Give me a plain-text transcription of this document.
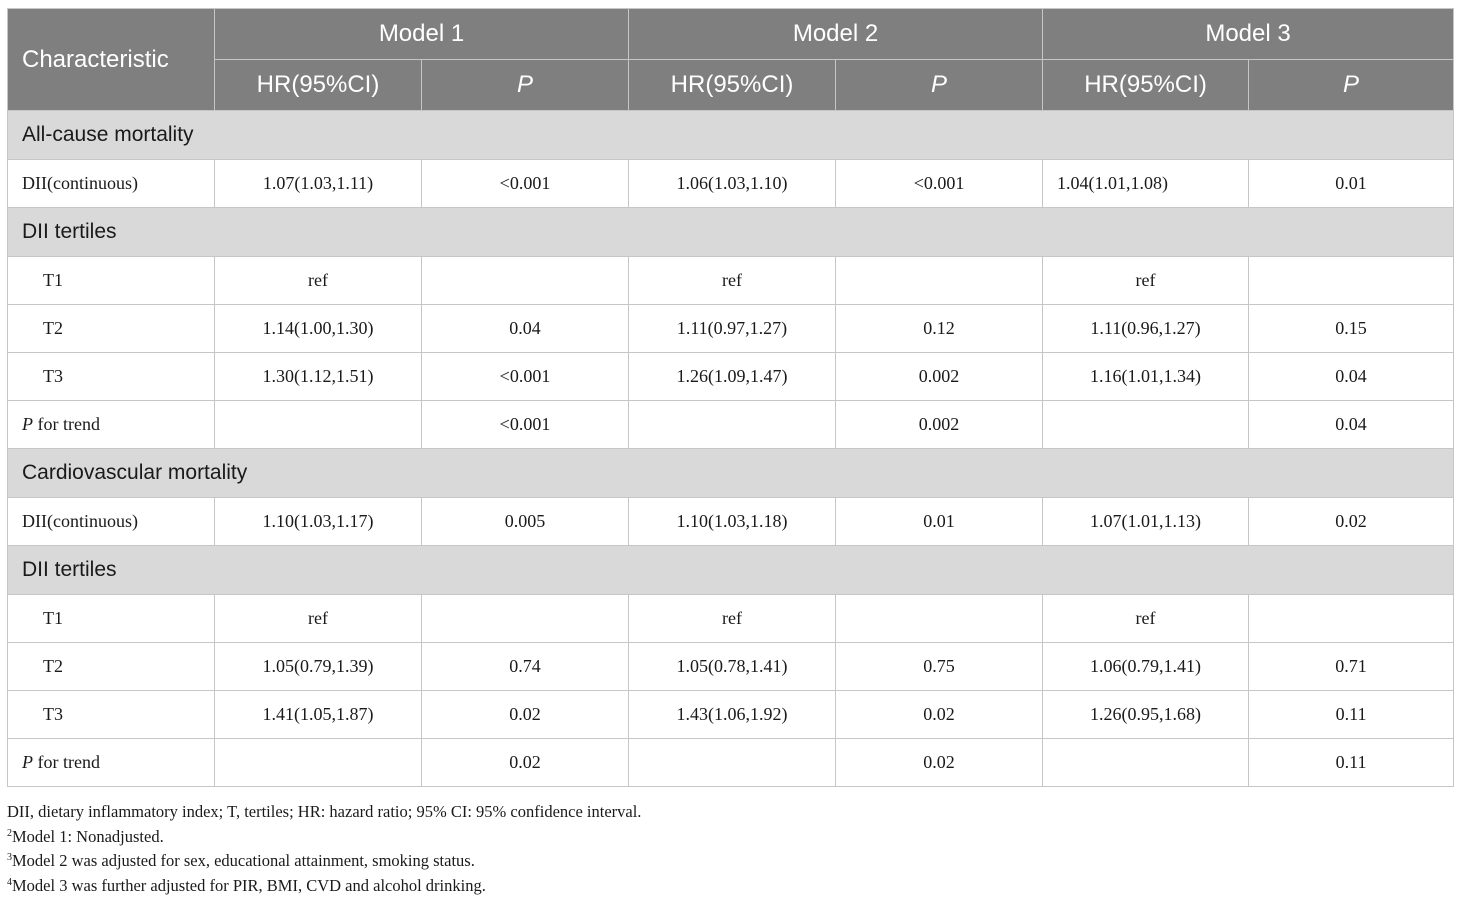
Characteristic	Model 1		Model 2		Model 3	
	HR(95%CI)	P	HR(95%CI)	P	HR(95%CI)	P
All-cause mortality						
DII(continuous)	1.07(1.03,1.11)	<0.001	1.06(1.03,1.10)	<0.001	1.04(1.01,1.08)	0.01
DII tertiles						
T1	ref		ref		ref	
T2	1.14(1.00,1.30)	0.04	1.11(0.97,1.27)	0.12	1.11(0.96,1.27)	0.15
T3	1.30(1.12,1.51)	<0.001	1.26(1.09,1.47)	0.002	1.16(1.01,1.34)	0.04
P for trend		<0.001		0.002		0.04
Cardiovascular mortality						
DII(continuous)	1.10(1.03,1.17)	0.005	1.10(1.03,1.18)	0.01	1.07(1.01,1.13)	0.02
DII tertiles						
T1	ref		ref		ref	
T2	1.05(0.79,1.39)	0.74	1.05(0.78,1.41)	0.75	1.06(0.79,1.41)	0.71
T3	1.41(1.05,1.87)	0.02	1.43(1.06,1.92)	0.02	1.26(0.95,1.68)	0.11
P for trend		0.02		0.02		0.11
DII, dietary inflammatory index; T, tertiles; HR: hazard ratio; 95% CI: 95% confidence interval.
$^2$Model 1: Nonadjusted.
$^3$Model 2 was adjusted for sex, educational attainment, smoking status.
$^4$Model 3 was further adjusted for PIR, BMI, CVD and alcohol drinking.
